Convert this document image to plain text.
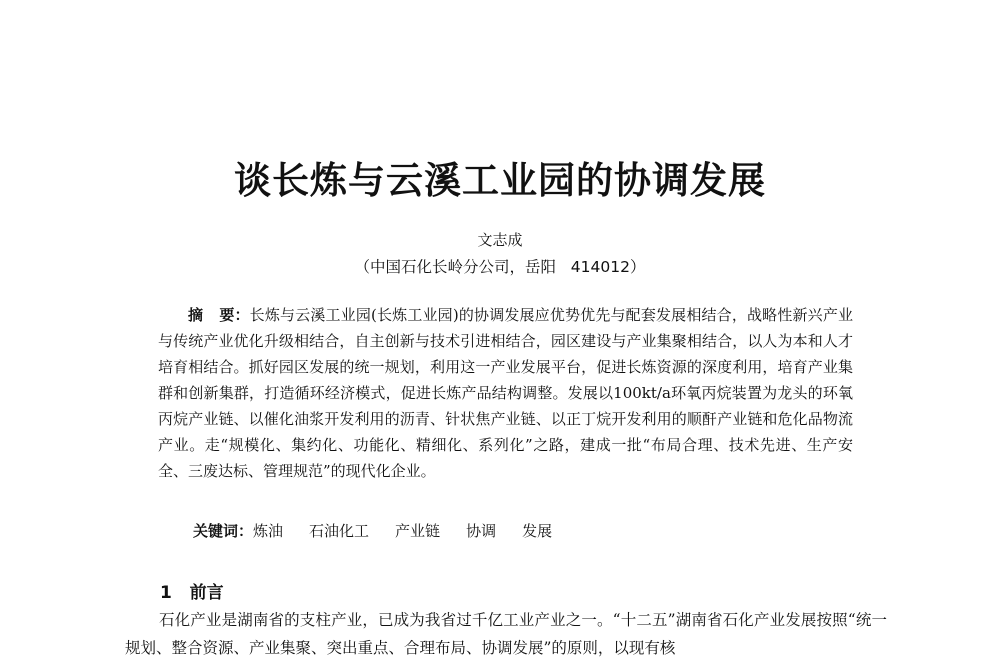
谈长炼与云溪工业园的协调发展
文志成
（中国石化长岭分公司，岳阳   414012）

摘   要：长炼与云溪工业园(长炼工业园)的协调发展应优势优先与配套发展相结合，战略性新兴产业与传统产业优化升级相结合，自主创新与技术引进相结合，园区建设与产业集聚相结合，以人为本和人才培育相结合。抓好园区发展的统一规划，利用这一产业发展平台，促进长炼资源的深度利用，培育产业集群和创新集群，打造循环经济模式，促进长炼产品结构调整。发展以100kt/a环氧丙烷装置为龙头的环氧丙烷产业链、以催化油浆开发利用的沥青、针状焦产业链、以正丁烷开发利用的顺酐产业链和危化品物流产业。走“规模化、集约化、功能化、精细化、系列化”之路，建成一批“布局合理、技术先进、生产安全、三废达标、管理规范”的现代化企业。

关键词：炼油 石油化工 产业链 协调 发展
1 前言

石化产业是湖南省的支柱产业，已成为我省过千亿工业产业之一。“十二五”湖南省石化产业发展按照“统一规划、整合资源、产业集聚、突出重点、合理布局、协调发展”的原则，以现有核
